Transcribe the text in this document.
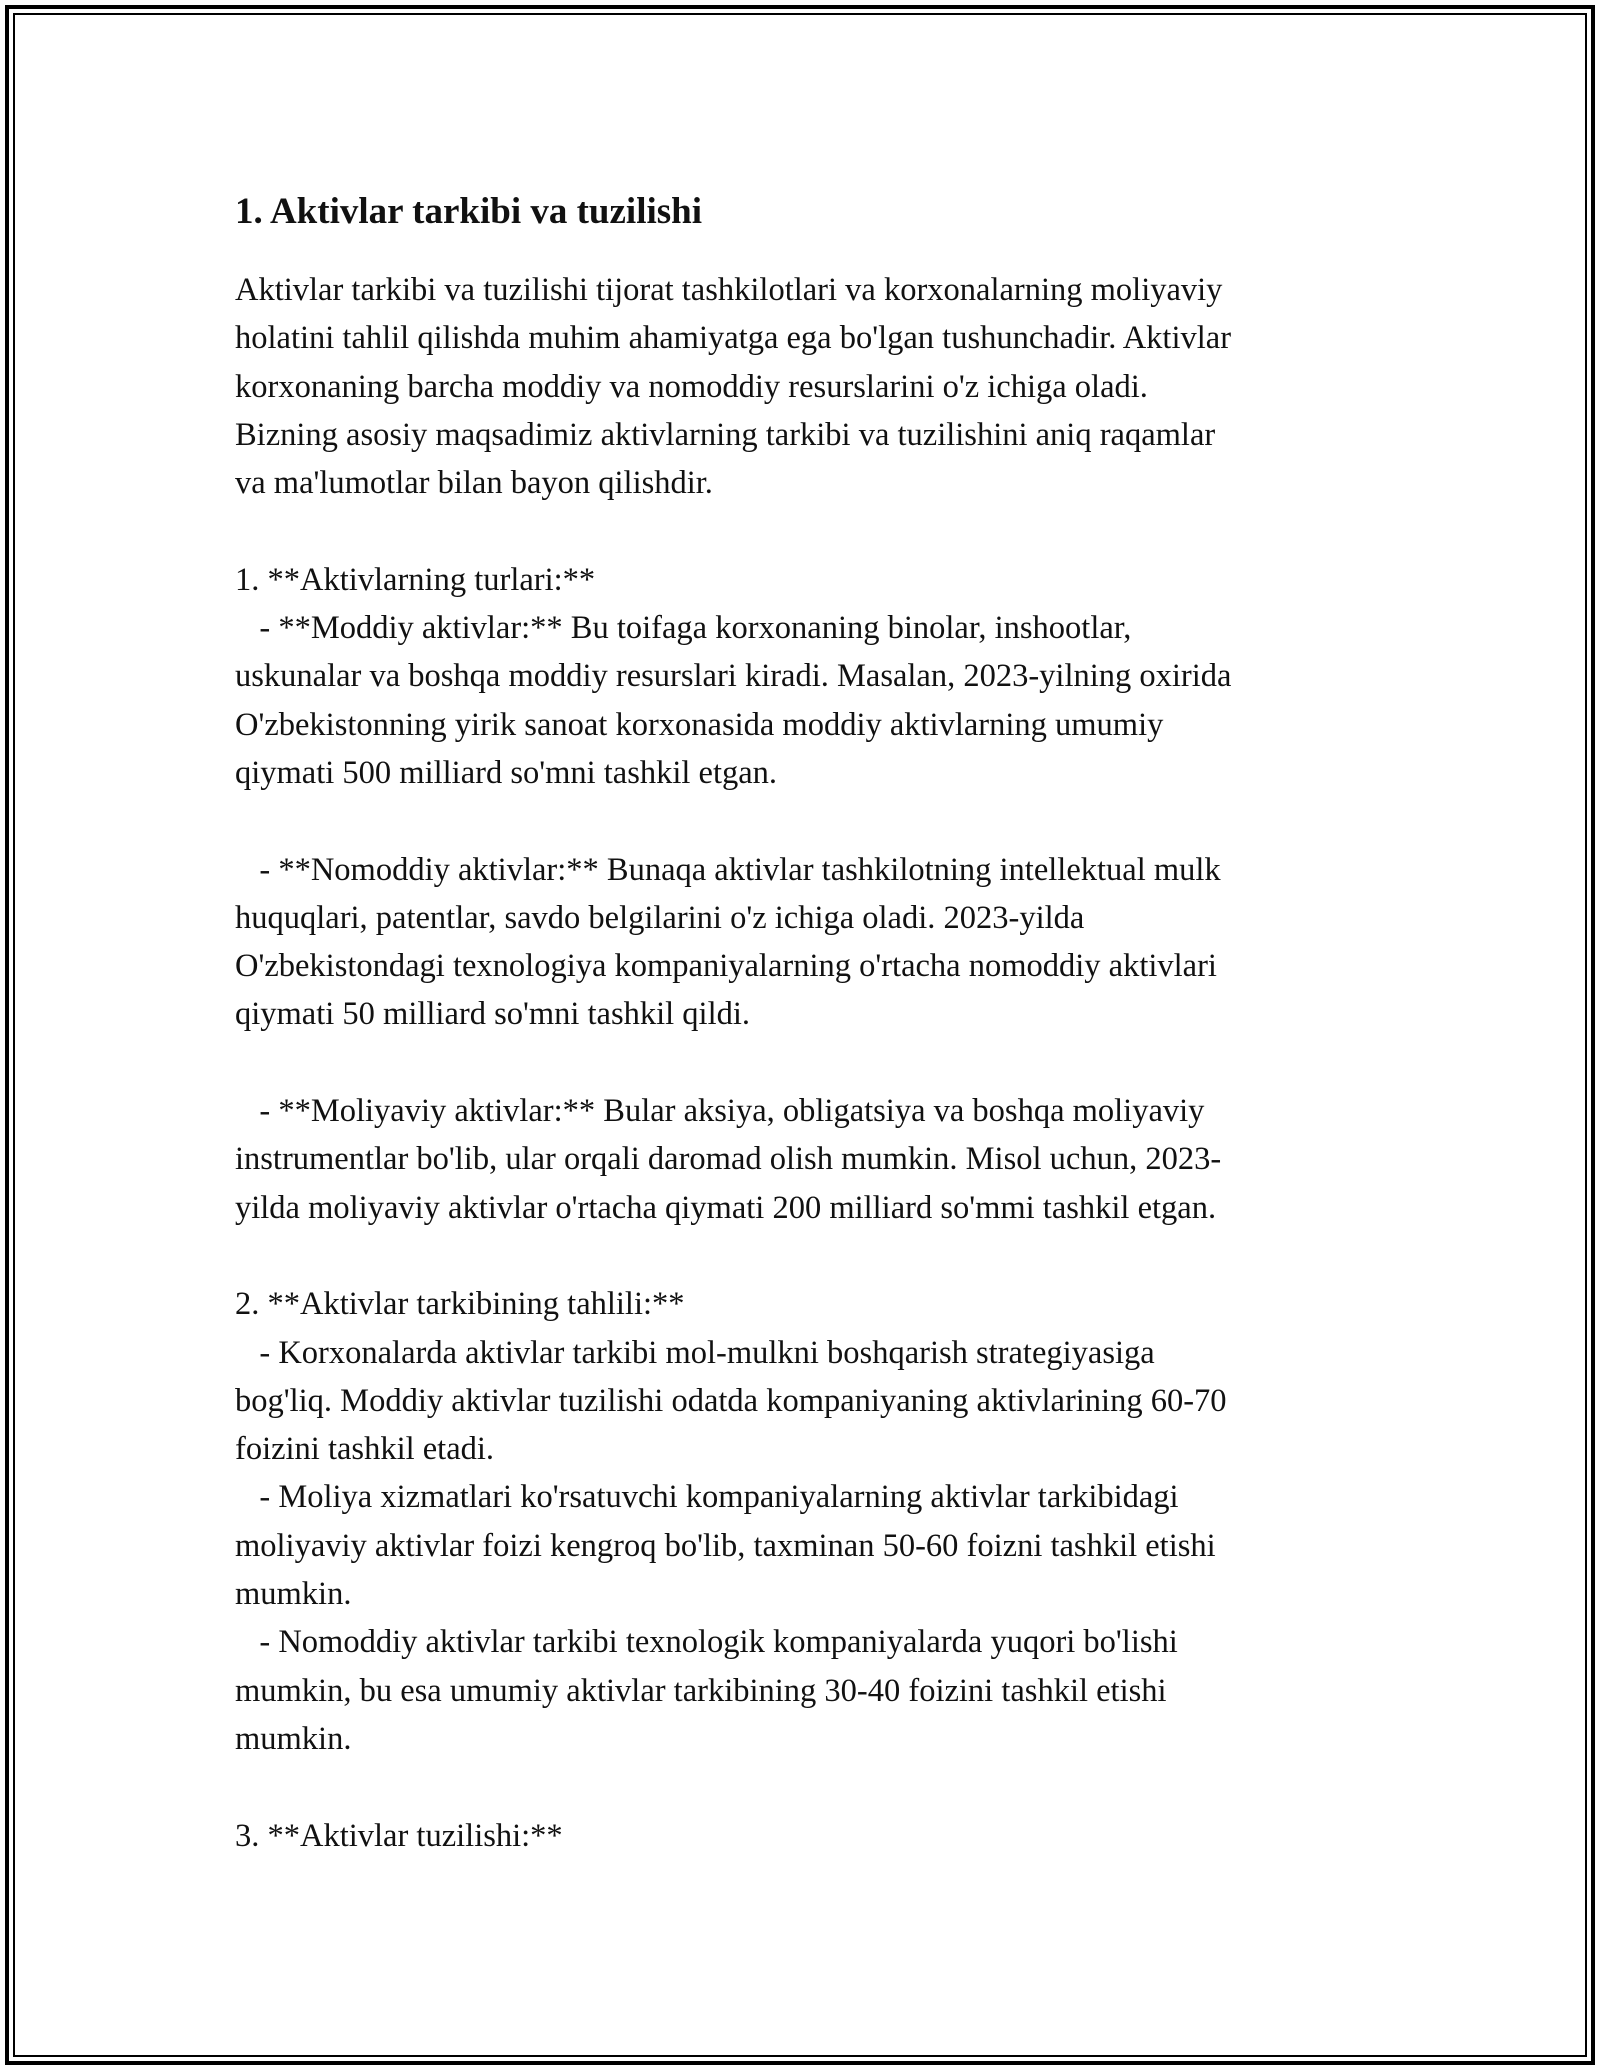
1. Aktivlar tarkibi va tuzilishi
Aktivlar tarkibi va tuzilishi tijorat tashkilotlari va korxonalarning moliyaviy
holatini tahlil qilishda muhim ahamiyatga ega bo'lgan tushunchadir. Aktivlar
korxonaning barcha moddiy va nomoddiy resurslarini o'z ichiga oladi.
Bizning asosiy maqsadimiz aktivlarning tarkibi va tuzilishini aniq raqamlar
va ma'lumotlar bilan bayon qilishdir.
1. **Aktivlarning turlari:**
- **Moddiy aktivlar:** Bu toifaga korxonaning binolar, inshootlar,
uskunalar va boshqa moddiy resurslari kiradi. Masalan, 2023-yilning oxirida
O'zbekistonning yirik sanoat korxonasida moddiy aktivlarning umumiy
qiymati 500 milliard so'mni tashkil etgan.
- **Nomoddiy aktivlar:** Bunaqa aktivlar tashkilotning intellektual mulk
huquqlari, patentlar, savdo belgilarini o'z ichiga oladi. 2023-yilda
O'zbekistondagi texnologiya kompaniyalarning o'rtacha nomoddiy aktivlari
qiymati 50 milliard so'mni tashkil qildi.
- **Moliyaviy aktivlar:** Bular aksiya, obligatsiya va boshqa moliyaviy
instrumentlar bo'lib, ular orqali daromad olish mumkin. Misol uchun, 2023-
yilda moliyaviy aktivlar o'rtacha qiymati 200 milliard so'mmi tashkil etgan.
2. **Aktivlar tarkibining tahlili:**
- Korxonalarda aktivlar tarkibi mol-mulkni boshqarish strategiyasiga
bog'liq. Moddiy aktivlar tuzilishi odatda kompaniyaning aktivlarining 60-70
foizini tashkil etadi.
- Moliya xizmatlari ko'rsatuvchi kompaniyalarning aktivlar tarkibidagi
moliyaviy aktivlar foizi kengroq bo'lib, taxminan 50-60 foizni tashkil etishi
mumkin.
- Nomoddiy aktivlar tarkibi texnologik kompaniyalarda yuqori bo'lishi
mumkin, bu esa umumiy aktivlar tarkibining 30-40 foizini tashkil etishi
mumkin.
3. **Aktivlar tuzilishi:**
